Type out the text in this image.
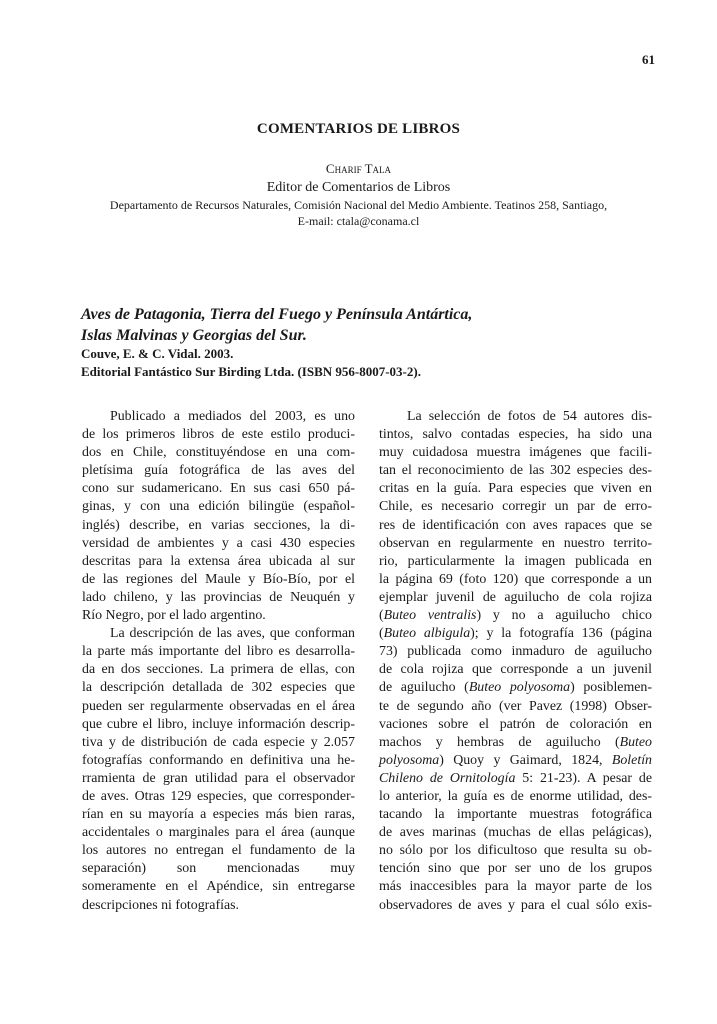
61
COMENTARIOS DE LIBROS
Charif Tala
Editor de Comentarios de Libros
Departamento de Recursos Naturales, Comisión Nacional del Medio Ambiente. Teatinos 258, Santiago,
E-mail: ctala@conama.cl
Aves de Patagonia, Tierra del Fuego y Península Antártica,
Islas Malvinas y Georgias del Sur.
Couve, E. & C. Vidal. 2003.
Editorial Fantástico Sur Birding Ltda. (ISBN 956-8007-03-2).
Publicado a mediados del 2003, es uno
de los primeros libros de este estilo produci-
dos en Chile, constituyéndose en una com-
pletísima guía fotográfica de las aves del
cono sur sudamericano. En sus casi 650 pá-
ginas, y con una edición bilingüe (español-
inglés) describe, en varias secciones, la di-
versidad de ambientes y a casi 430 especies
descritas para la extensa área ubicada al sur
de las regiones del Maule y Bío-Bío, por el
lado chileno, y las provincias de Neuquén y
Río Negro, por el lado argentino.
La descripción de las aves, que conforman
la parte más importante del libro es desarrolla-
da en dos secciones. La primera de ellas, con
la descripción detallada de 302 especies que
pueden ser regularmente observadas en el área
que cubre el libro, incluye información descrip-
tiva y de distribución de cada especie y 2.057
fotografías conformando en definitiva una he-
rramienta de gran utilidad para el observador
de aves. Otras 129 especies, que corresponder-
rían en su mayoría a especies más bien raras,
accidentales o marginales para el área (aunque
los autores no entregan el fundamento de la
separación) son mencionadas muy
someramente en el Apéndice, sin entregarse
descripciones ni fotografías.
La selección de fotos de 54 autores dis-
tintos, salvo contadas especies, ha sido una
muy cuidadosa muestra imágenes que facili-
tan el reconocimiento de las 302 especies des-
critas en la guía. Para especies que viven en
Chile, es necesario corregir un par de erro-
res de identificación con aves rapaces que se
observan en regularmente en nuestro territo-
rio, particularmente la imagen publicada en
la página 69 (foto 120) que corresponde a un
ejemplar juvenil de aguilucho de cola rojiza
(Buteo ventralis) y no a aguilucho chico
(Buteo albigula); y la fotografía 136 (página
73) publicada como inmaduro de aguilucho
de cola rojiza que corresponde a un juvenil
de aguilucho (Buteo polyosoma) posiblemen-
te de segundo año (ver Pavez (1998) Obser-
vaciones sobre el patrón de coloración en
machos y hembras de aguilucho (Buteo
polyosoma) Quoy y Gaimard, 1824, Boletín
Chileno de Ornitología 5: 21-23). A pesar de
lo anterior, la guía es de enorme utilidad, des-
tacando la importante muestras fotográfica
de aves marinas (muchas de ellas pelágicas),
no sólo por los dificultoso que resulta su ob-
tención sino que por ser uno de los grupos
más inaccesibles para la mayor parte de los
observadores de aves y para el cual sólo exis-
